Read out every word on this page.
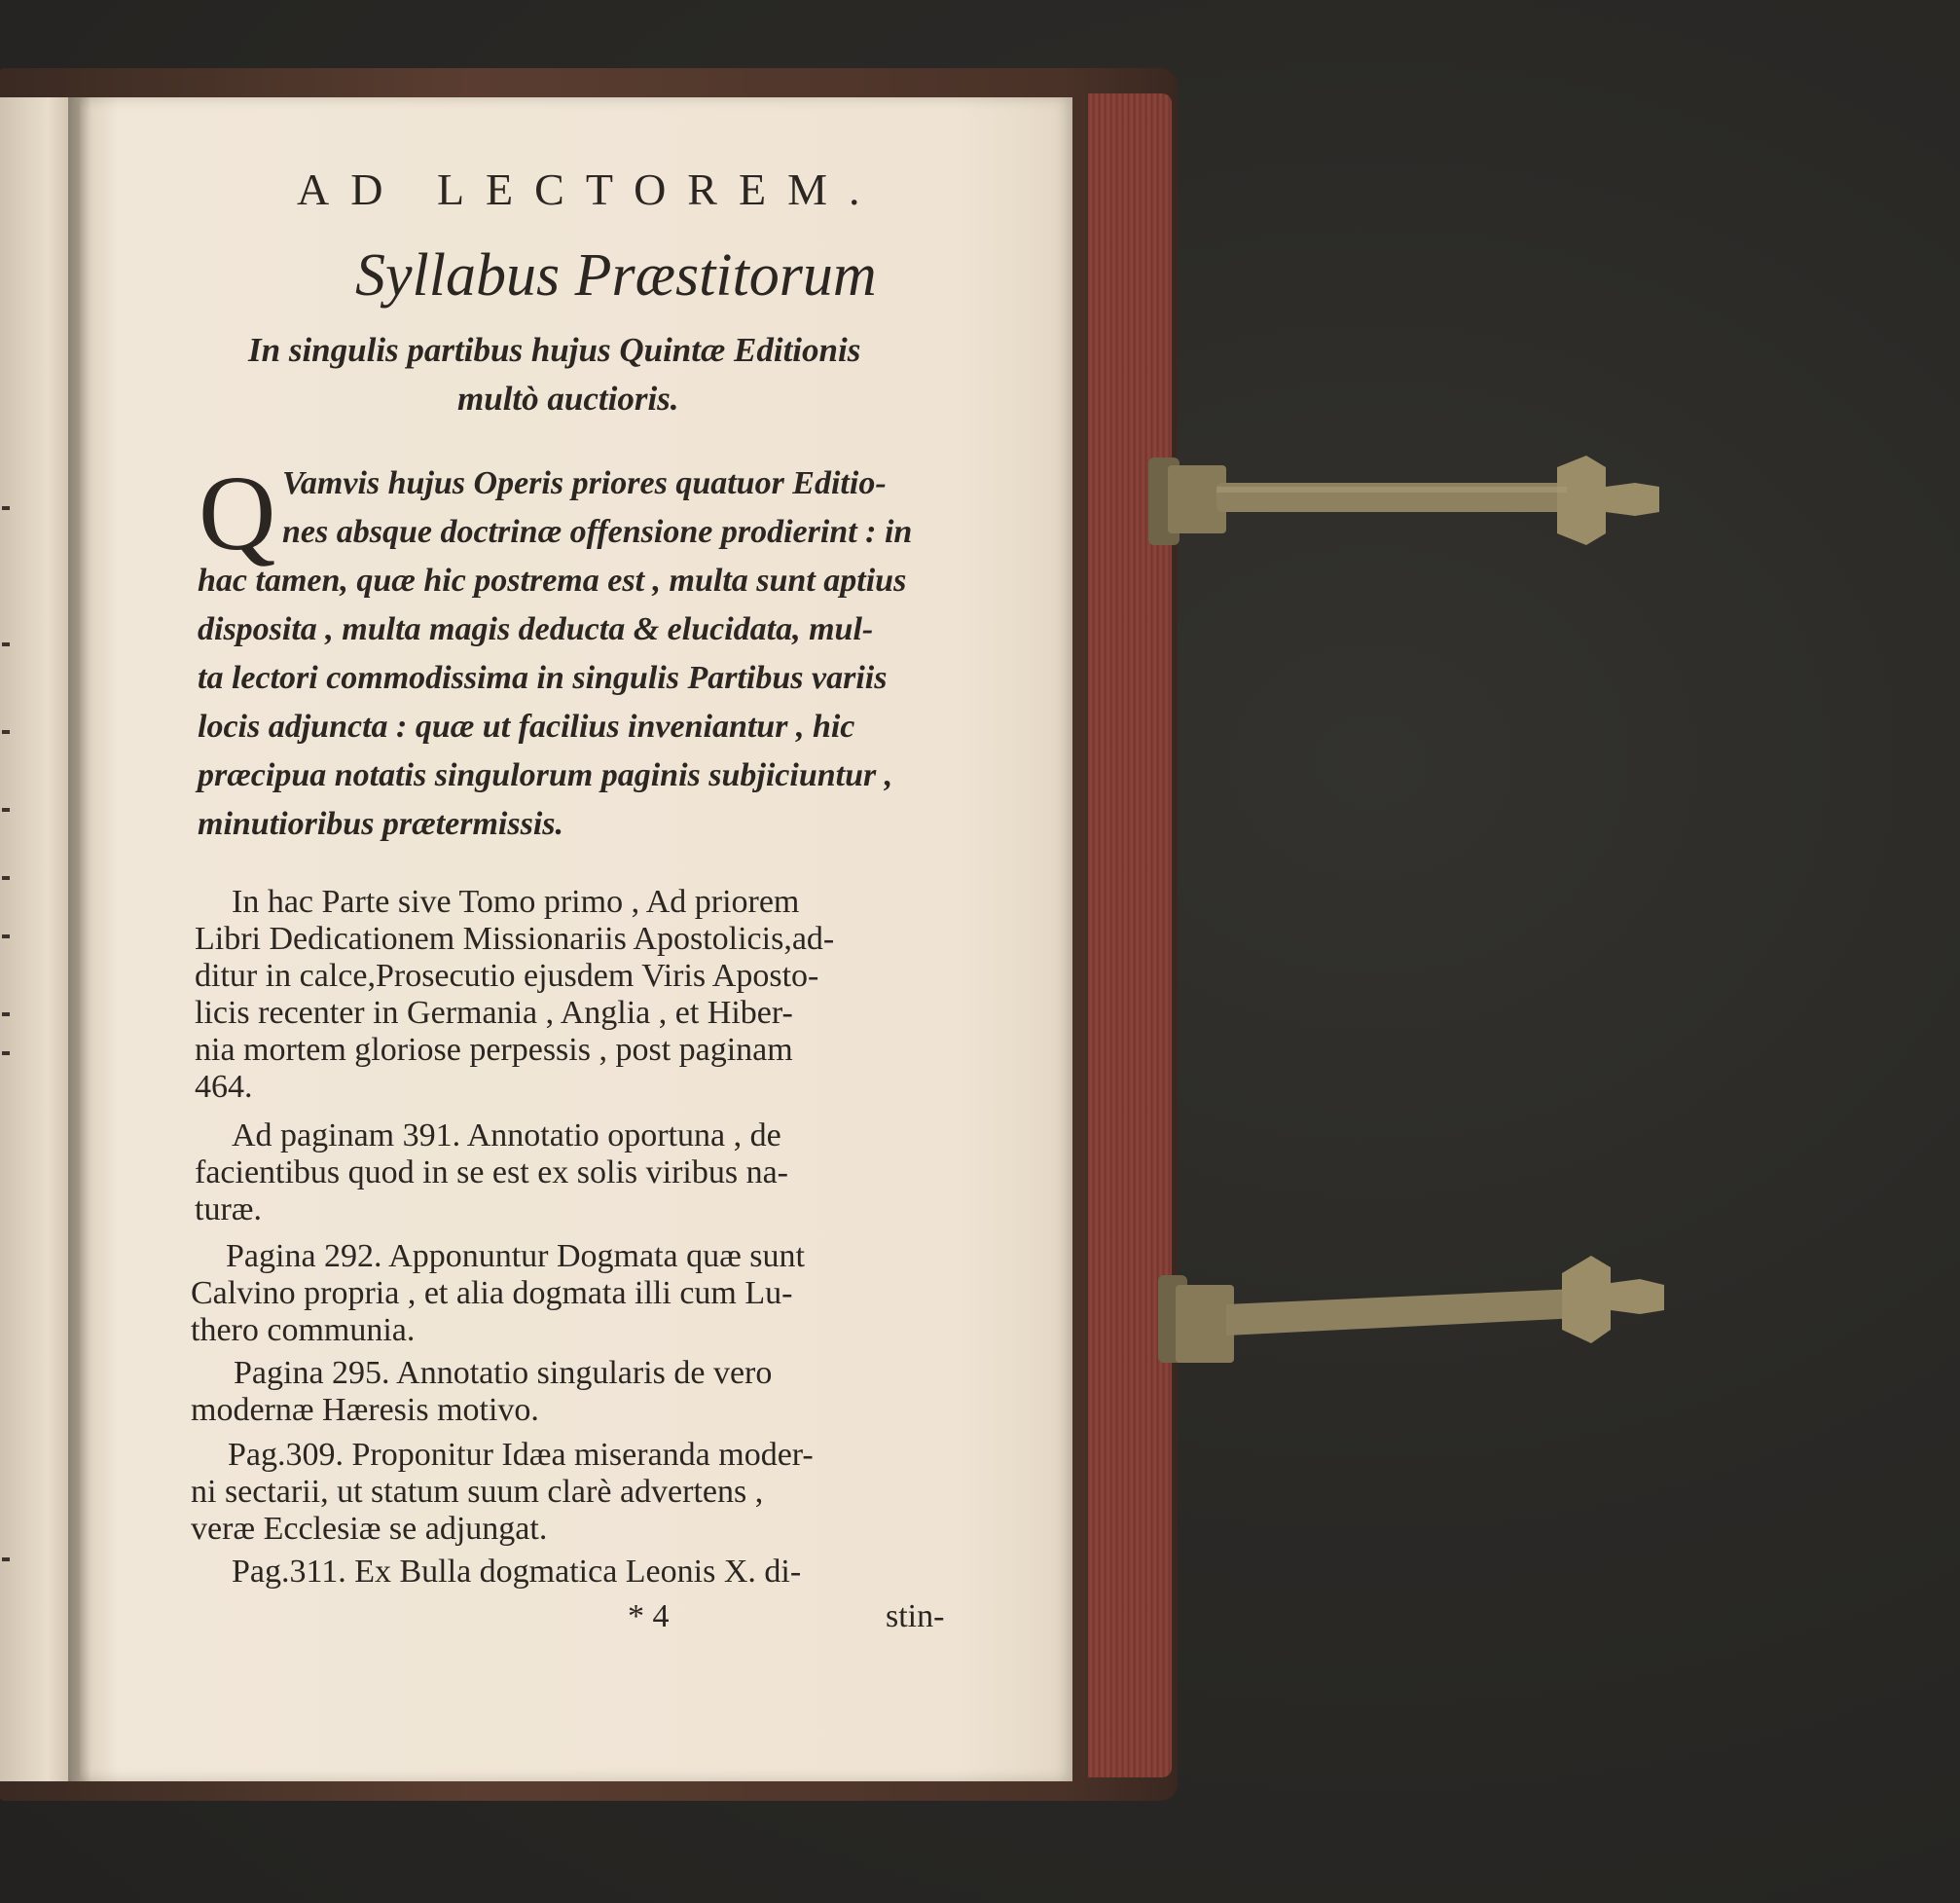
AD LECTOREM.
Syllabus Præstitorum
In singulis partibus hujus Quintæ Editionis
multò auctioris.
Q Vamvis hujus Operis priores quatuor Editio-
nes absque doctrinæ offensione prodierint : in
hac tamen, quæ hic postrema est , multa sunt aptius
disposita , multa magis deducta & elucidata, mul-
ta lectori commodissima in singulis Partibus variis
locis adjuncta : quæ ut facilius inveniantur , hic
præcipua notatis singulorum paginis subjiciuntur ,
minutioribus prætermissis.
In hac Parte sive Tomo primo , Ad priorem
Libri Dedicationem Missionariis Apostolicis,ad-
ditur in calce,Prosecutio ejusdem Viris Aposto-
licis recenter in Germania , Anglia , et Hiber-
nia mortem gloriose perpessis , post paginam
464.
Ad paginam 391. Annotatio oportuna , de
facientibus quod in se est ex solis viribus na-
turæ.
Pagina 292. Apponuntur Dogmata quæ sunt
Calvino propria , et alia dogmata illi cum Lu-
thero communia.
Pagina 295. Annotatio singularis de vero
modernæ Hæresis motivo.
Pag.309. Proponitur Idæa miseranda moder-
ni sectarii, ut statum suum clarè advertens ,
veræ Ecclesiæ se adjungat.
Pag.311. Ex Bulla dogmatica Leonis X. di-
* 4	stin-
